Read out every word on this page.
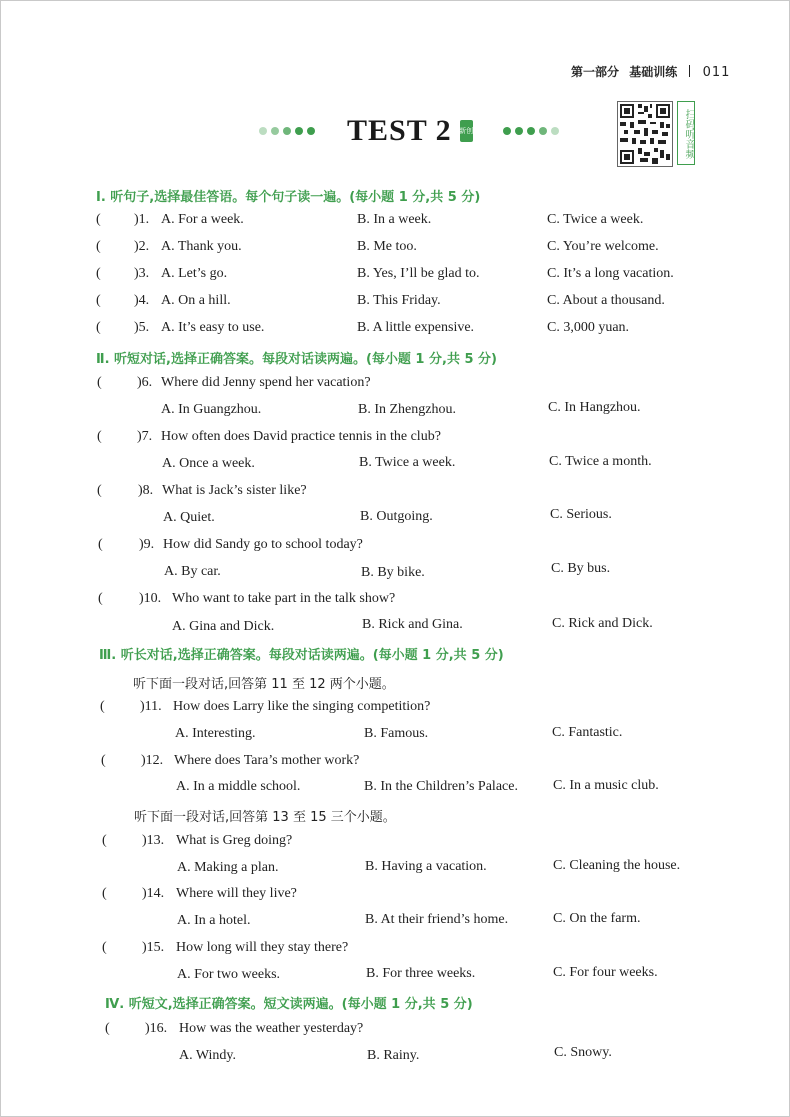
第一部分 基础训练 011
TEST 2 新创	扫码听音频
Ⅰ. 听句子,选择最佳答语。每个句子读一遍。(每小题 1 分,共 5 分)
( )1. A. For a week.	B. In a week.	C. Twice a week.
( )2. A. Thank you.	B. Me too.	C. You’re welcome.
( )3. A. Let’s go.	B. Yes, I’ll be glad to.	C. It’s a long vacation.
( )4. A. On a hill.	B. This Friday.	C. About a thousand.
( )5. A. It’s easy to use.	B. A little expensive.	C. 3,000 yuan.
Ⅱ. 听短对话,选择正确答案。每段对话读两遍。(每小题 1 分,共 5 分)
(	)6. Where did Jenny spend her vacation?
A. In Guangzhou.	B. In Zhengzhou.	C. In Hangzhou.
(	)7. How often does David practice tennis in the club?
A. Once a week.	B. Twice a week.	C. Twice a month.
(	)8. What is Jack’s sister like?
A. Quiet.	B. Outgoing.	C. Serious.
(	)9. How did Sandy go to school today?
A. By car.	B. By bike.	C. By bus.
(	)10. Who want to take part in the talk show?
A. Gina and Dick.	B. Rick and Gina.	C. Rick and Dick.
Ⅲ. 听长对话,选择正确答案。每段对话读两遍。(每小题 1 分,共 5 分)
听下面一段对话,回答第 11 至 12 两个小题。
(	)11. How does Larry like the singing competition?
A. Interesting.	B. Famous.	C. Fantastic.
(	)12. Where does Tara’s mother work?
A. In a middle school.	B. In the Children’s Palace.	C. In a music club.
听下面一段对话,回答第 13 至 15 三个小题。
(	)13. What is Greg doing?
A. Making a plan.	B. Having a vacation.	C. Cleaning the house.
(	)14. Where will they live?
A. In a hotel.	B. At their friend’s home.	C. On the farm.
(	)15. How long will they stay there?
A. For two weeks.	B. For three weeks.	C. For four weeks.
Ⅳ. 听短文,选择正确答案。短文读两遍。(每小题 1 分,共 5 分)
(	)16. How was the weather yesterday?
A. Windy.	B. Rainy.	C. Snowy.
